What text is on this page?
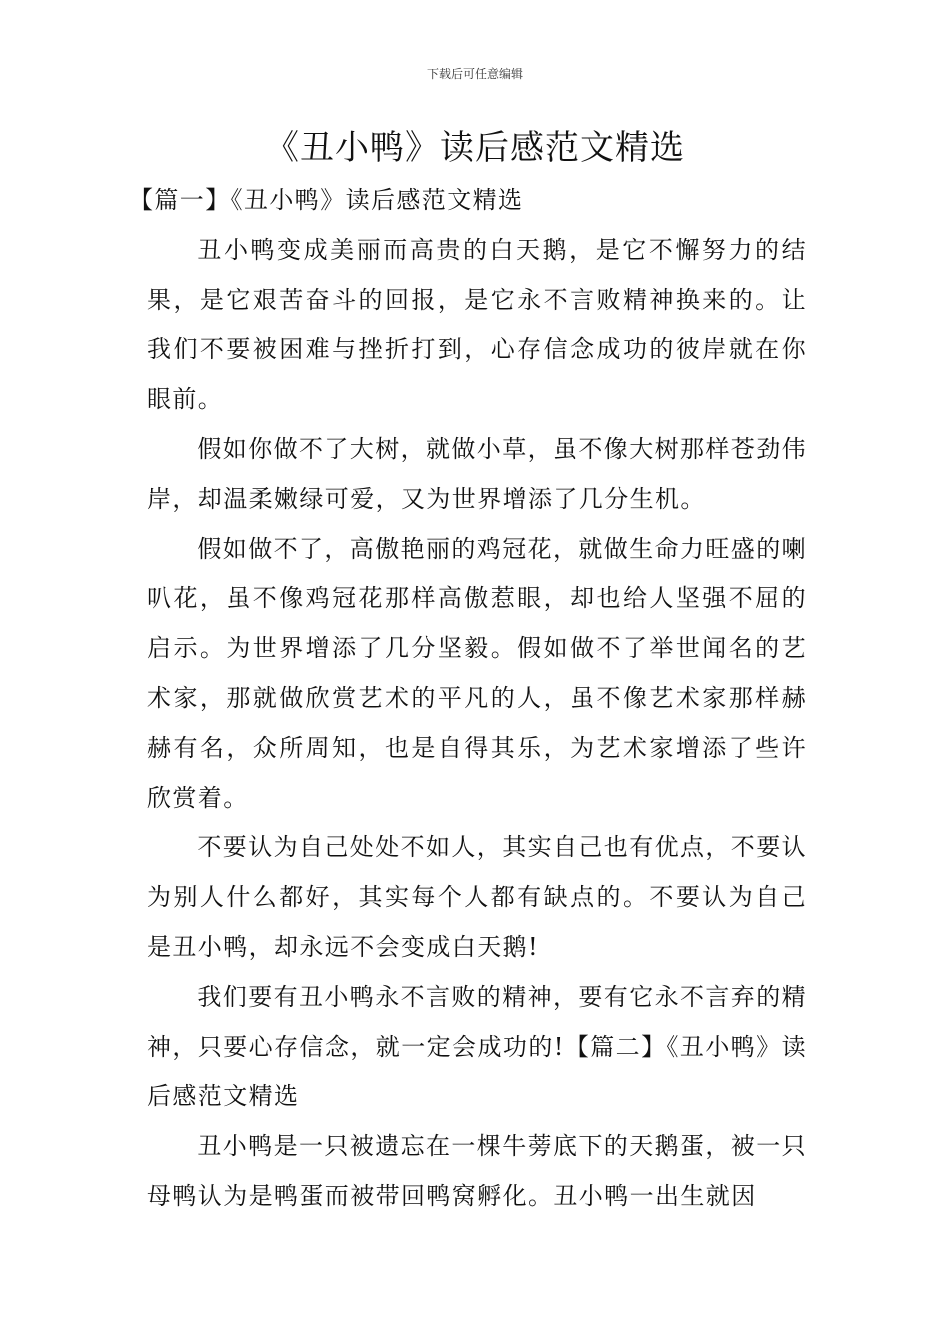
下载后可任意编辑
《丑小鸭》读后感范文精选
【篇一】《丑小鸭》读后感范文精选

丑小鸭变成美丽而高贵的白天鹅，是它不懈努力的结果，是它艰苦奋斗的回报，是它永不言败精神换来的。让我们不要被困难与挫折打到，心存信念成功的彼岸就在你眼前。

假如你做不了大树，就做小草，虽不像大树那样苍劲伟岸，却温柔嫩绿可爱，又为世界增添了几分生机。

假如做不了，高傲艳丽的鸡冠花，就做生命力旺盛的喇叭花，虽不像鸡冠花那样高傲惹眼，却也给人坚强不屈的启示。为世界增添了几分坚毅。假如做不了举世闻名的艺术家，那就做欣赏艺术的平凡的人，虽不像艺术家那样赫赫有名，众所周知，也是自得其乐，为艺术家增添了些许欣赏着。

不要认为自己处处不如人，其实自己也有优点，不要认为别人什么都好，其实每个人都有缺点的。不要认为自己是丑小鸭，却永远不会变成白天鹅!

我们要有丑小鸭永不言败的精神，要有它永不言弃的精神，只要心存信念，就一定会成功的!【篇二】《丑小鸭》读后感范文精选

丑小鸭是一只被遗忘在一棵牛蒡底下的天鹅蛋，被一只母鸭认为是鸭蛋而被带回鸭窝孵化。丑小鸭一出生就因
